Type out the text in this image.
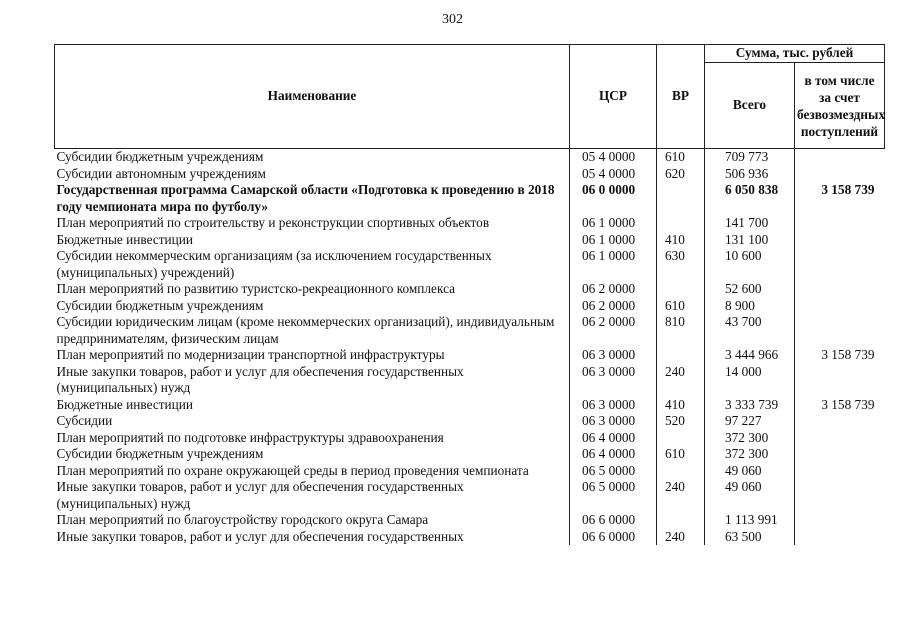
302
Наименование	ЦСР	ВР	Сумма, тыс. рублей	
			Всего	в том числе за счет безвозмездных поступлений
Субсидии бюджетным учреждениям	05 4 0000	610	709 773	
Субсидии автономным учреждениям	05 4 0000	620	506 936	
Государственная программа Самарской области «Подготовка к проведению в 2018 году чемпионата мира по футболу»	06 0 0000		6 050 838	3 158 739
План мероприятий по строительству и реконструкции спортивных объектов	06 1 0000		141 700	
Бюджетные инвестиции	06 1 0000	410	131 100	
Субсидии некоммерческим организациям (за исключением государственных (муниципальных) учреждений)	06 1 0000	630	10 600	
План мероприятий по развитию туристско-рекреационного комплекса	06 2 0000		52 600	
Субсидии бюджетным учреждениям	06 2 0000	610	8 900	
Субсидии юридическим лицам (кроме некоммерческих организаций), индивидуальным предпринимателям, физическим лицам	06 2 0000	810	43 700	
План мероприятий по модернизации транспортной инфраструктуры	06 3 0000		3 444 966	3 158 739
Иные закупки товаров, работ и услуг для обеспечения государственных (муниципальных) нужд	06 3 0000	240	14 000	
Бюджетные инвестиции	06 3 0000	410	3 333 739	3 158 739
Субсидии	06 3 0000	520	97 227	
План мероприятий по подготовке инфраструктуры здравоохранения	06 4 0000		372 300	
Субсидии бюджетным учреждениям	06 4 0000	610	372 300	
План мероприятий по охране окружающей среды в период проведения чемпионата	06 5 0000		49 060	
Иные закупки товаров, работ и услуг для обеспечения государственных (муниципальных) нужд	06 5 0000	240	49 060	
План мероприятий по благоустройству городского округа Самара	06 6 0000		1 113 991	
Иные закупки товаров, работ и услуг для обеспечения государственных	06 6 0000	240	63 500	
